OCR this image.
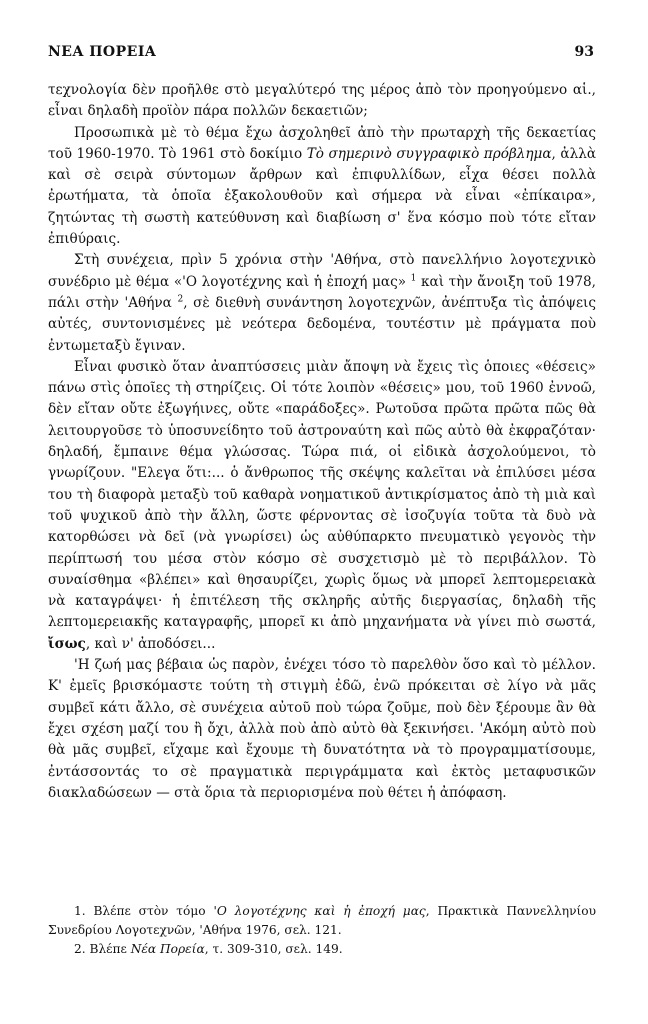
ΝΕΑ ΠΟΡΕΙΑ	93

τεχνολογία δὲν προῆλθε στὸ μεγαλύτερό της μέρος ἀπὸ τὸν προηγούμενο αἱ., εἶναι δηλαδὴ προϊὸν πάρα πολλῶν δεκαετιῶν;

Προσωπικὰ μὲ τὸ θέμα ἔχω ἀσχοληθεῖ ἀπὸ τὴν πρωταρχὴ τῆς δεκαετίας τοῦ 1960-1970. Τὸ 1961 στὸ δοκίμιο Τὸ σημερινὸ συγγραφικὸ πρόβλημα, ἀλλὰ καὶ σὲ σειρὰ σύντομων ἄρθρων καὶ ἐπιφυλλίδων, εἶχα θέσει πολλὰ ἐρωτήματα, τὰ ὁποῖα ἐξακολουθοῦν καὶ σήμερα νὰ εἶναι «ἐπίκαιρα», ζητώντας τὴ σωστὴ κατεύθυνση καὶ διαβίωση σ' ἕνα κόσμο ποὺ τότε εἴταν ἐπιθύραις.

Στὴ συνέχεια, πρὶν 5 χρόνια στὴν 'Αθήνα, στὸ πανελλήνιο λογοτεχνικὸ συνέδριο μὲ θέμα «'Ο λογοτέχνης καὶ ἡ ἐποχή μας» $^1$ καὶ τὴν ἄνοιξη τοῦ 1978, πάλι στὴν 'Αθήνα $^2$, σὲ διεθνὴ συνάντηση λογοτεχνῶν, ἀνέπτυξα τὶς ἀπόψεις αὐτές, συντονισμένες μὲ νεότερα δεδομένα, τουτέστιν μὲ πράγματα ποὺ ἐντωμεταξὺ ἔγιναν.

Εἶναι φυσικὸ ὅταν ἀναπτύσσεις μιὰν ἄποψη νὰ ἔχεις τὶς ὁποιες «θέσεις» πάνω στὶς ὁποῖες τὴ στηρίζεις. Οἱ τότε λοιπὸν «θέσεις» μου, τοῦ 1960 ἐννοῶ, δὲν εἴταν οὔτε ἐξωγήινες, οὔτε «παράδοξες». Ρωτοῦσα πρῶτα πρῶτα πῶς θὰ λειτουργοῦσε τὸ ὑποσυνείδητο τοῦ ἀστροναύτη καὶ πῶς αὐτὸ θὰ ἐκφραζόταν· δηλαδή, ἔμπαινε θέμα γλώσσας. Τώρα πιά, οἱ εἰδικὰ ἀσχολούμενοι, τὸ γνωρίζουν. "Ελεγα ὅτι:... ὁ ἄνθρωπος τῆς σκέψης καλεῖται νὰ ἐπιλύσει μέσα του τὴ διαφορὰ μεταξὺ τοῦ καθαρὰ νοηματικοῦ ἀντικρίσματος ἀπὸ τὴ μιὰ καὶ τοῦ ψυχικοῦ ἀπὸ τὴν ἄλλη, ὥστε φέρνοντας σὲ ἰσοζυγία τοῦτα τὰ δυὸ νὰ κατορθώσει νὰ δεῖ (νὰ γνωρίσει) ὡς αὐθύπαρκτο πνευματικὸ γεγονὸς τὴν περίπτωσή του μέσα στὸν κόσμο σὲ συσχετισμὸ μὲ τὸ περιβάλλον. Τὸ συναίσθημα «βλέπει» καὶ θησαυρίζει, χωρὶς ὅμως νὰ μπορεῖ λεπτομερειακὰ νὰ καταγράψει· ἡ ἐπιτέλεση τῆς σκληρῆς αὐτῆς διεργασίας, δηλαδὴ τῆς λεπτομερειακῆς καταγραφῆς, μπορεῖ κι ἀπὸ μηχανήματα νὰ γίνει πιὸ σωστά, ἴσως, καὶ ν' ἀποδόσει...

'Η ζωή μας βέβαια ὡς παρὸν, ἐνέχει τόσο τὸ παρελθὸν ὅσο καὶ τὸ μέλλον. Κ' ἐμεῖς βρισκόμαστε τούτη τὴ στιγμὴ ἐδῶ, ἐνῶ πρόκειται σὲ λίγο νὰ μᾶς συμβεῖ κάτι ἄλλο, σὲ συνέχεια αὐτοῦ ποὺ τώρα ζοῦμε, ποὺ δὲν ξέρουμε ἂν θὰ ἔχει σχέση μαζί του ἢ ὄχι, ἀλλὰ ποὺ ἀπὸ αὐτὸ θὰ ξεκινήσει. 'Ακόμη αὐτὸ ποὺ θὰ μᾶς συμβεῖ, εἴχαμε καὶ ἔχουμε τὴ δυνατότητα νὰ τὸ προγραμματίσουμε, ἐντάσσοντάς το σὲ πραγματικὰ περιγράμματα καὶ ἐκτὸς μεταφυσικῶν διακλαδώσεων — στὰ ὅρια τὰ περιορισμένα ποὺ θέτει ἡ ἀπόφαση.

1. Βλέπε στὸν τόμο 'Ο λογοτέχνης καὶ ἡ ἐποχή μας, Πρακτικὰ Παννελληνίου Συνεδρίου Λογοτεχνῶν, 'Αθήνα 1976, σελ. 121.

2. Βλέπε Νέα Πορεία, τ. 309-310, σελ. 149.
